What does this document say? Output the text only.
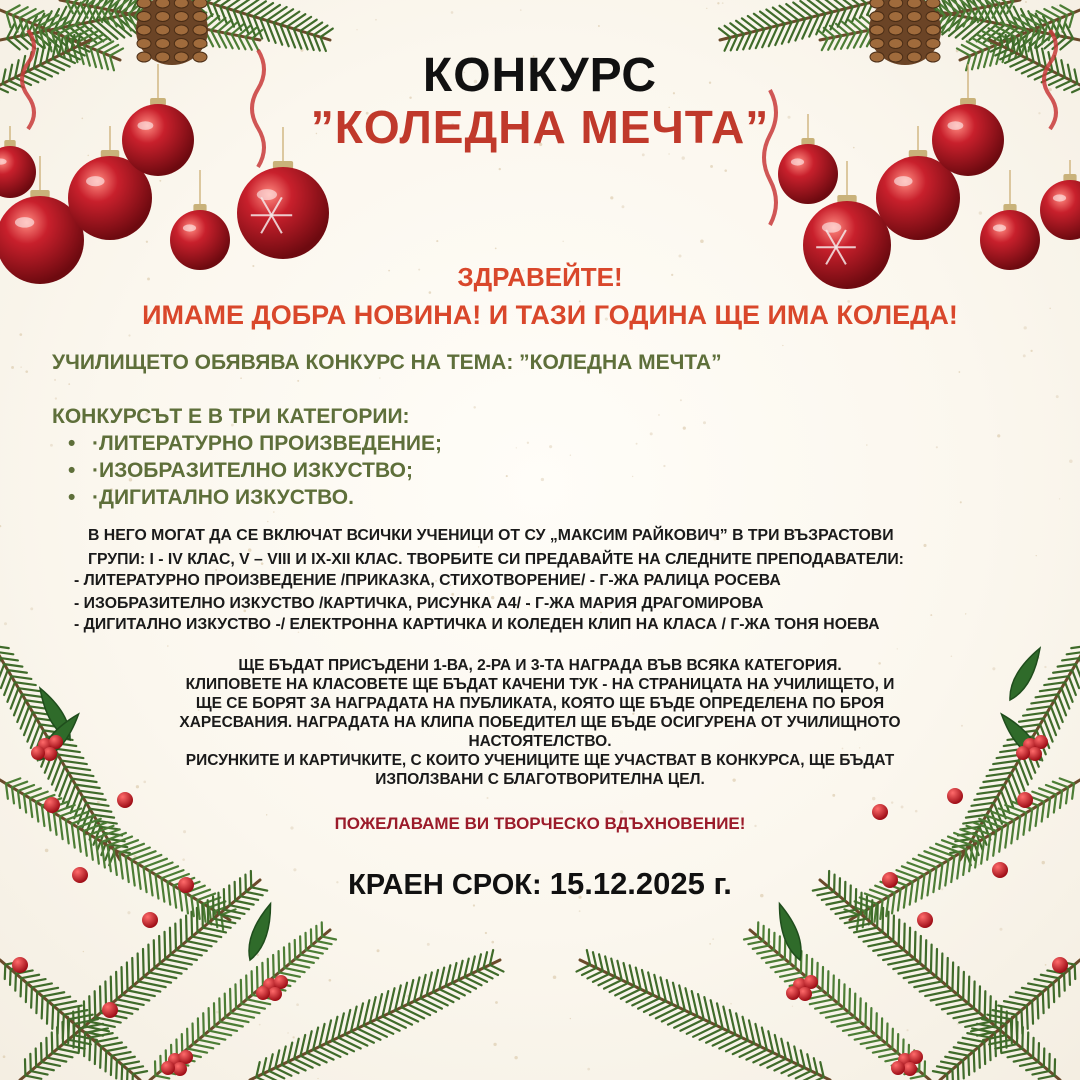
КОНКУРС
”КОЛЕДНА МЕЧТА”
ЗДРАВЕЙТЕ!
ИМАМЕ ДОБРА НОВИНА! И ТАЗИ ГОДИНА ЩЕ ИМА КОЛЕДА!
УЧИЛИЩЕТО ОБЯВЯВА КОНКУРС НА ТЕМА: ”КОЛЕДНА МЕЧТА”
КОНКУРСЪТ Е В ТРИ КАТЕГОРИИ:
• ·ЛИТЕРАТУРНО ПРОИЗВЕДЕНИЕ;
• ·ИЗОБРАЗИТЕЛНО ИЗКУСТВО;
• ·ДИГИТАЛНО ИЗКУСТВО.

В НЕГО МОГАТ ДА СЕ ВКЛЮЧАТ ВСИЧКИ УЧЕНИЦИ ОТ СУ „МАКСИМ РАЙКОВИЧ” В ТРИ ВЪЗРАСТОВИ

ГРУПИ: I - IV КЛАС, V – VIII И IX-XII КЛАС. ТВОРБИТЕ СИ ПРЕДАВАЙТЕ НА СЛЕДНИТЕ ПРЕПОДАВАТЕЛИ:

- ЛИТЕРАТУРНО ПРОИЗВЕДЕНИЕ /ПРИКАЗКА, СТИХОТВОРЕНИЕ/ - Г-ЖА РАЛИЦА РОСЕВА

- ИЗОБРАЗИТЕЛНО ИЗКУСТВО /КАРТИЧКА, РИСУНКА А4/ - Г-ЖА МАРИЯ ДРАГОМИРОВА

- ДИГИТАЛНО ИЗКУСТВО -/ ЕЛЕКТРОННА КАРТИЧКА И КОЛЕДЕН КЛИП НА КЛАСА / Г-ЖА ТОНЯ НОЕВА

ЩЕ БЪДАТ ПРИСЪДЕНИ 1-ВА, 2-РА И 3-ТА НАГРАДА ВЪВ ВСЯКА КАТЕГОРИЯ.

КЛИПОВЕТЕ НА КЛАСОВЕТЕ ЩЕ БЪДАТ КАЧЕНИ ТУК - НА СТРАНИЦАТА НА УЧИЛИЩЕТО, И

ЩЕ СЕ БОРЯТ ЗА НАГРАДАТА НА ПУБЛИКАТА, КОЯТО ЩЕ БЪДЕ ОПРЕДЕЛЕНА ПО БРОЯ

ХАРЕСВАНИЯ. НАГРАДАТА НА КЛИПА ПОБЕДИТЕЛ ЩЕ БЪДЕ ОСИГУРЕНА ОТ УЧИЛИЩНОТО

НАСТОЯТЕЛСТВО.

РИСУНКИТЕ И КАРТИЧКИТЕ, С КОИТО УЧЕНИЦИТЕ ЩЕ УЧАСТВАТ В КОНКУРСА, ЩЕ БЪДАТ

ИЗПОЛЗВАНИ С БЛАГОТВОРИТЕЛНА ЦЕЛ.

ПОЖЕЛАВАМЕ ВИ ТВОРЧЕСКО ВДЪХНОВЕНИЕ!
КРАЕН СРОК: 15.12.2025 г.
